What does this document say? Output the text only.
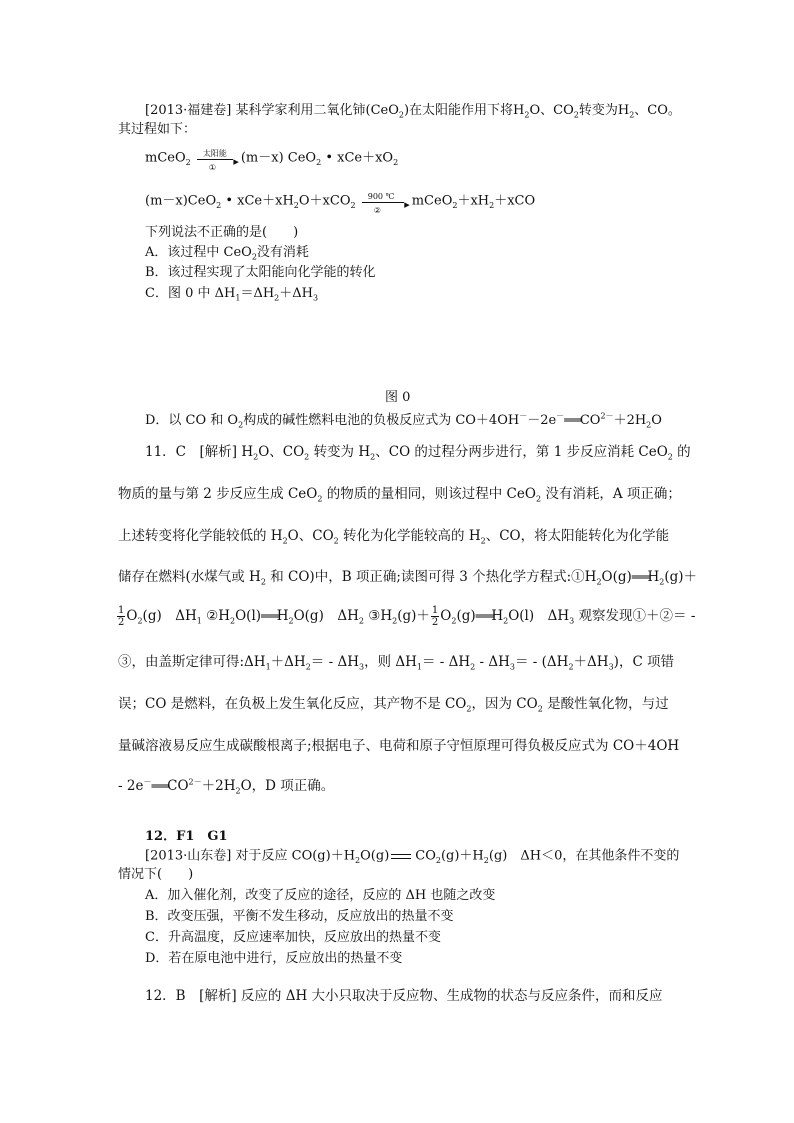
[2013·福建卷] 某科学家利用二氧化铈(CeO$_2$)在太阳能作用下将$H_2O$、$CO_2$转变为$H_2$、CO。
其过程如下：
mCeO$_2$
太阳能
▸
①
(m－x) CeO$_2$ • $xCe+xO_2$
(m－x)CeO$_2$ • $xCe+xH_2O+xCO_2$
900 ℃
▸
②
$mCeO_2+xH_2+xCO$
下列说法不正确的是(　　)
A．该过程中 CeO$_2$没有消耗
B．该过程实现了太阳能向化学能的转化
C．图 0 中 $\Delta H_1=\Delta H_2+\Delta H_3$
图 0
D．以 CO 和 $O_2$构成的碱性燃料电池的负极反应式为 $CO+4OH^--2e^-═══CO^{2-}+2H_2O$
11．C　[解析] $H_2O$、$CO_2$ 转变为 $H_2$、CO 的过程分两步进行，第 1 步反应消耗 CeO$_2$ 的
物质的量与第 2 步反应生成 CeO$_2$ 的物质的量相同，则该过程中 CeO$_2$ 没有消耗，A 项正确；
上述转变将化学能较低的 $H_2O$、$CO_2$ 转化为化学能较高的 $H_2$、CO，将太阳能转化为化学能
储存在燃料(水煤气或 $H_2$ 和 CO)中，B 项正确;读图可得 3 个热化学方程式$:①H_2O(g)═══H_2(g)+$
$\frac{1}{2} O_2(g)$　$\Delta H_1$ $②H_2O(l)═══H_2O(g)$　$\Delta H_2$ $③H_2(g)+ \frac{1}{2}$ $O_2(g)═══H_2O(l)$　$\Delta H_3$ 观察发现①＋②＝ -
③，由盖斯定律可得$:\Delta H_1+\Delta H_2= - \Delta H_3$，则 $\Delta H_1= - \Delta H_2 - \Delta H_3= - (\Delta H_2+\Delta H_3)$，C 项错
误；CO 是燃料，在负极上发生氧化反应，其产物不是 $CO_2$，因为 $CO_2$ 是酸性氧化物，与过
量碱溶液易反应生成碳酸根离子;根据电子、电荷和原子守恒原理可得负极反应式为 CO＋4OH
- $2e^-═══CO^{2-}+2H_2O$，D 项正确。
12．F1　G1
[2013·山东卷] 对于反应 $CO(g)+H_2O(g)$ $CO_2(g)+H_2(g)$　ΔH＜0，在其他条件不变的
情况下(　　)
A．加入催化剂，改变了反应的途径，反应的 ΔH 也随之改变
B．改变压强，平衡不发生移动，反应放出的热量不变
C．升高温度，反应速率加快，反应放出的热量不变
D．若在原电池中进行，反应放出的热量不变
12．B　[解析] 反应的 ΔH 大小只取决于反应物、生成物的状态与反应条件，而和反应
